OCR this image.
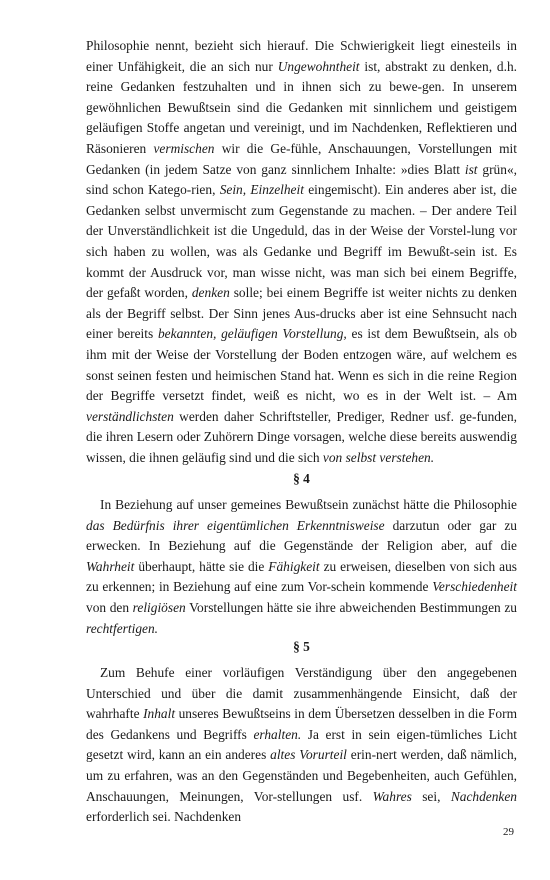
Philosophie nennt, bezieht sich hierauf. Die Schwierigkeit liegt einesteils in einer Unfähigkeit, die an sich nur Ungewohntheit ist, abstrakt zu denken, d.h. reine Gedanken festzuhalten und in ihnen sich zu bewe-gen. In unserem gewöhnlichen Bewußtsein sind die Gedanken mit sinnlichem und geistigem geläufigen Stoffe angetan und vereinigt, und im Nachdenken, Reflektieren und Räsonieren vermischen wir die Ge-fühle, Anschauungen, Vorstellungen mit Gedanken (in jedem Satze von ganz sinnlichem Inhalte: »dies Blatt ist grün«, sind schon Katego-rien, Sein, Einzelheit eingemischt). Ein anderes aber ist, die Gedanken selbst unvermischt zum Gegenstande zu machen. – Der andere Teil der Unverständlichkeit ist die Ungeduld, das in der Weise der Vorstel-lung vor sich haben zu wollen, was als Gedanke und Begriff im Bewußt-sein ist. Es kommt der Ausdruck vor, man wisse nicht, was man sich bei einem Begriffe, der gefaßt worden, denken solle; bei einem Begriffe ist weiter nichts zu denken als der Begriff selbst. Der Sinn jenes Aus-drucks aber ist eine Sehnsucht nach einer bereits bekannten, geläufigen Vorstellung, es ist dem Bewußtsein, als ob ihm mit der Weise der Vorstellung der Boden entzogen wäre, auf welchem es sonst seinen festen und heimischen Stand hat. Wenn es sich in die reine Region der Begriffe versetzt findet, weiß es nicht, wo es in der Welt ist. – Am verständlichsten werden daher Schriftsteller, Prediger, Redner usf. ge-funden, die ihren Lesern oder Zuhörern Dinge vorsagen, welche diese bereits auswendig wissen, die ihnen geläufig sind und die sich von selbst verstehen.

§ 4

In Beziehung auf unser gemeines Bewußtsein zunächst hätte die Philosophie das Bedürfnis ihrer eigentümlichen Erkenntnisweise darzutun oder gar zu erwecken. In Beziehung auf die Gegenstände der Religion aber, auf die Wahrheit überhaupt, hätte sie die Fähigkeit zu erweisen, dieselben von sich aus zu erkennen; in Beziehung auf eine zum Vor-schein kommende Verschiedenheit von den religiösen Vorstellungen hätte sie ihre abweichenden Bestimmungen zu rechtfertigen.

§ 5

Zum Behufe einer vorläufigen Verständigung über den angegebenen Unterschied und über die damit zusammenhängende Einsicht, daß der wahrhafte Inhalt unseres Bewußtseins in dem Übersetzen desselben in die Form des Gedankens und Begriffs erhalten. Ja erst in sein eigen-tümliches Licht gesetzt wird, kann an ein anderes altes Vorurteil erin-nert werden, daß nämlich, um zu erfahren, was an den Gegenständen und Begebenheiten, auch Gefühlen, Anschauungen, Meinungen, Vor-stellungen usf. Wahres sei, Nachdenken erforderlich sei. Nachdenken

29
